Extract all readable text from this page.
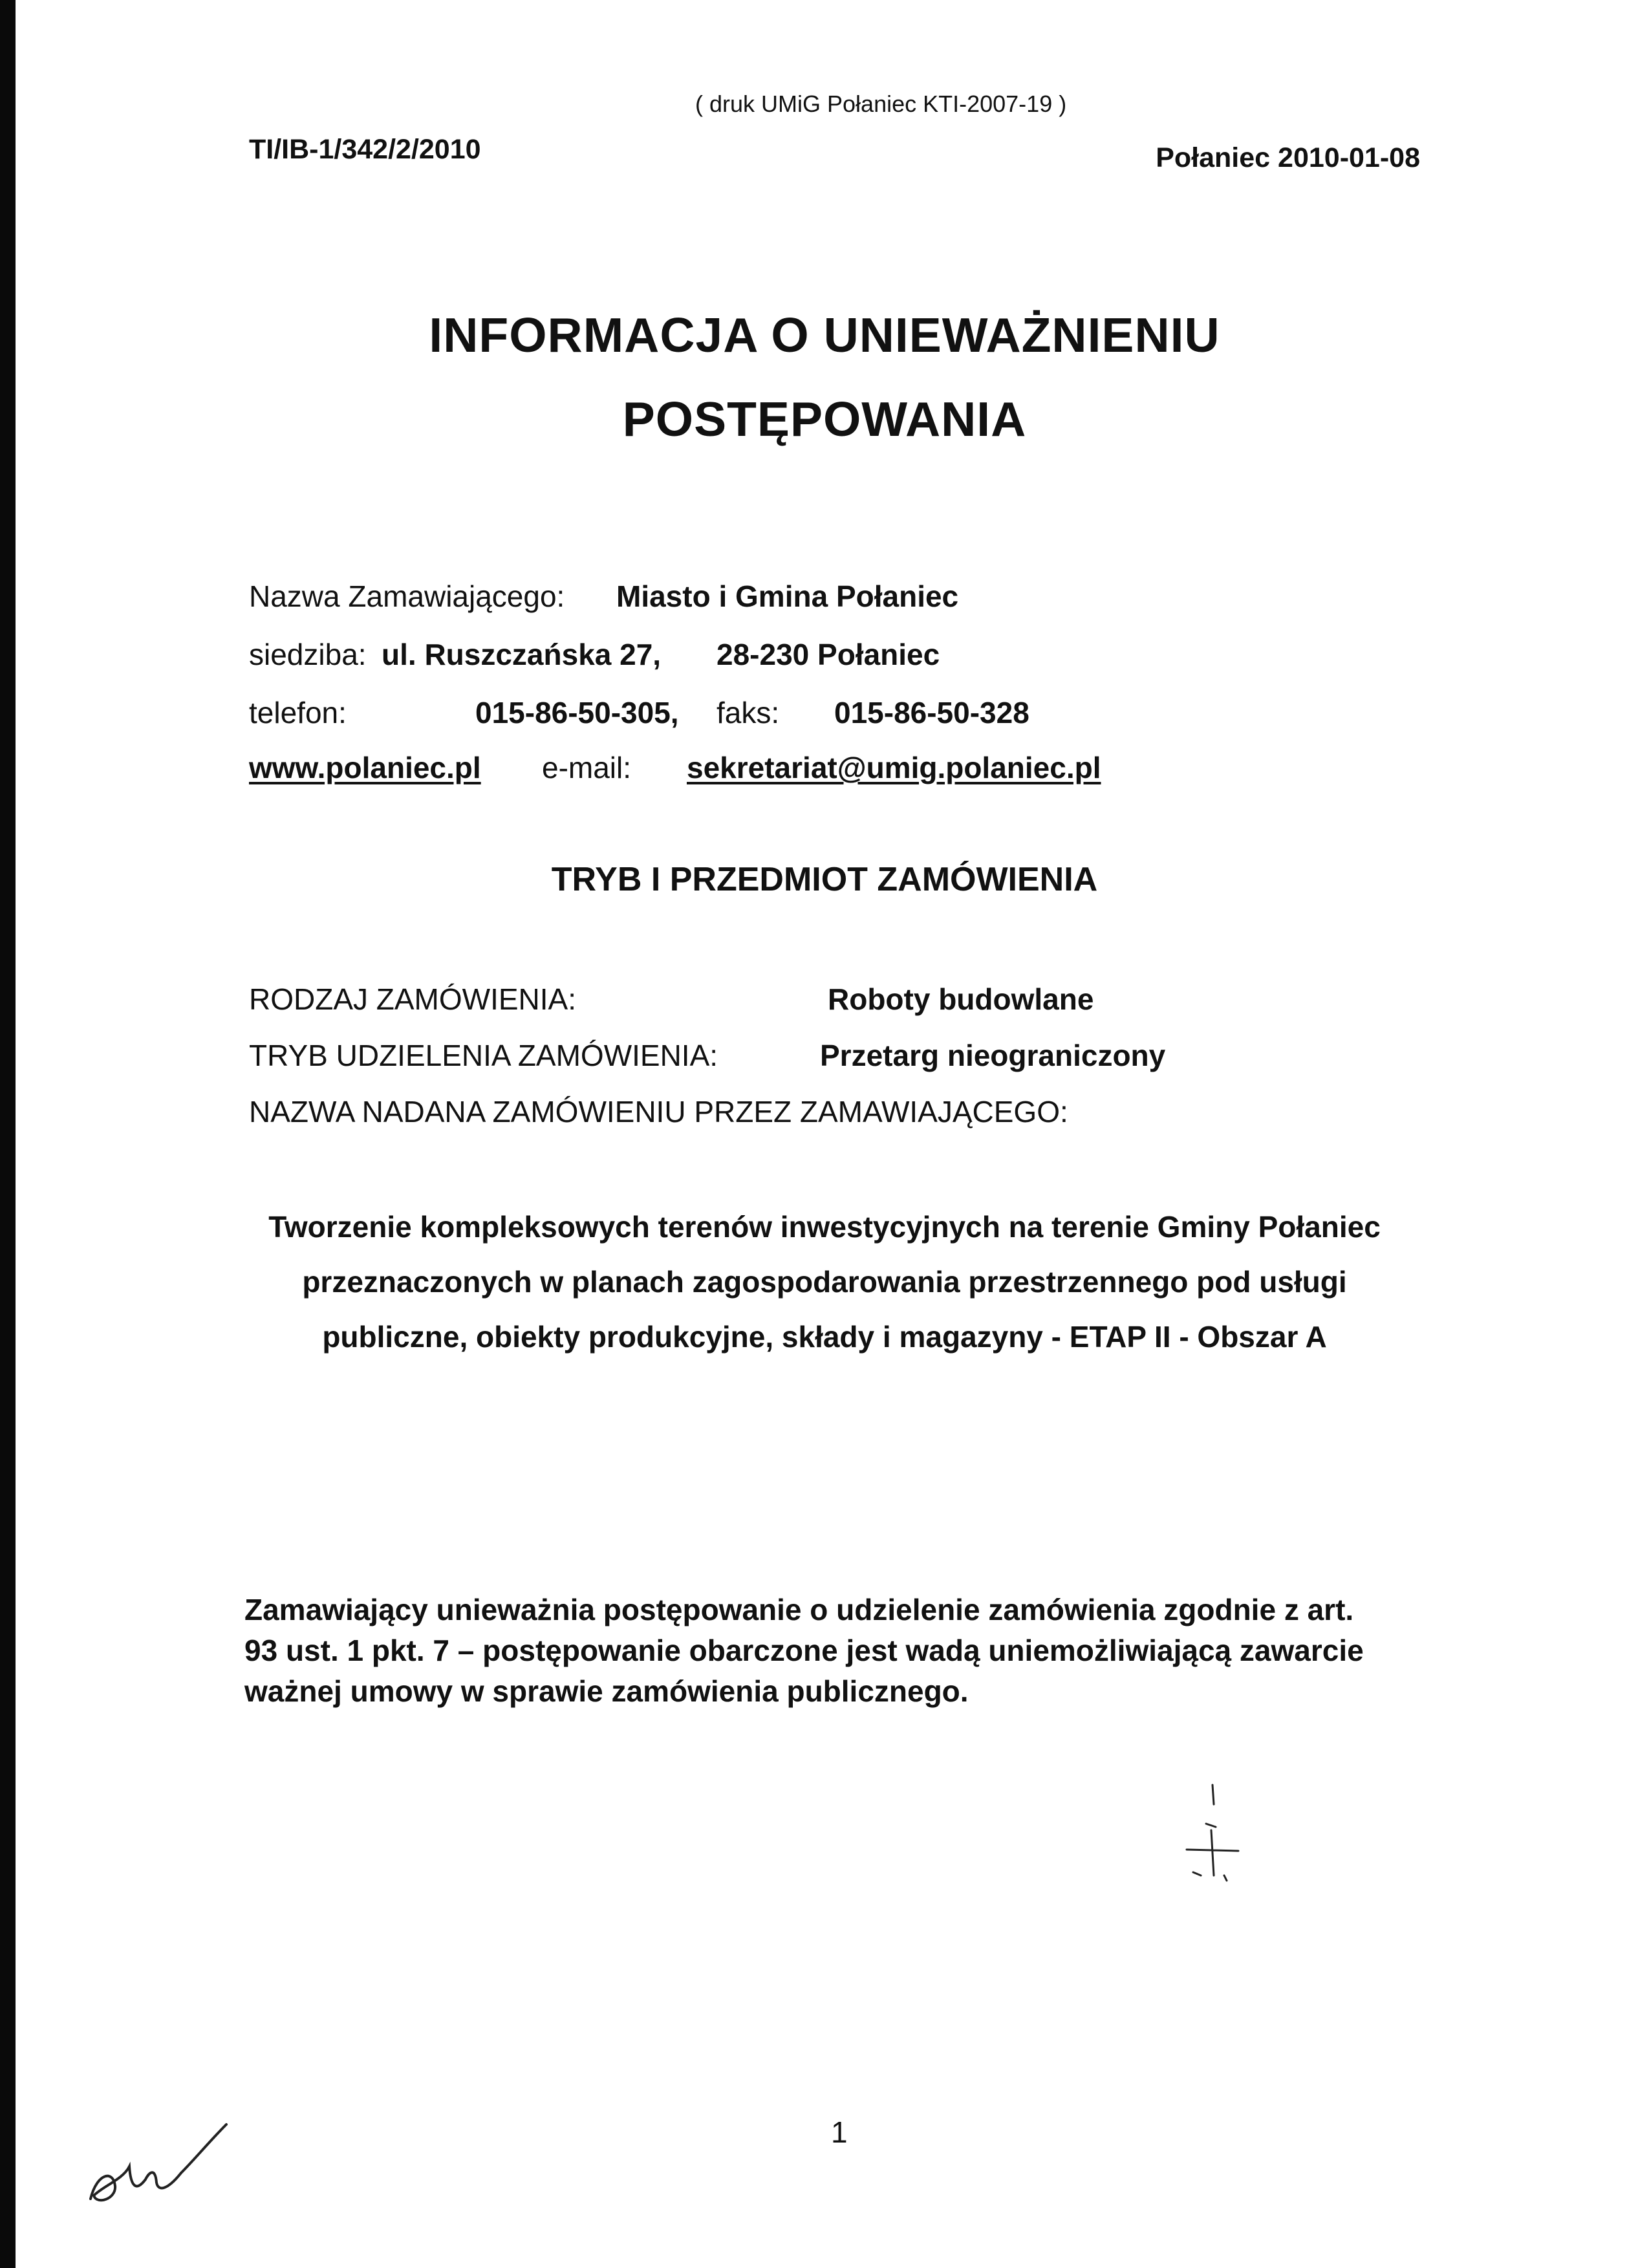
( druk UMiG Połaniec KTI-2007-19 )
TI/IB-1/342/2/2010	Połaniec 2010-01-08
INFORMACJA O UNIEWAŻNIENIU
POSTĘPOWANIA
Nazwa Zamawiającego: Miasto i Gmina Połaniec
siedziba: ul. Ruszczańska 27, 28-230 Połaniec
telefon:	015-86-50-305, faks: 015-86-50-328
www.polaniec.pl e-mail: sekretariat@umig.polaniec.pl
TRYB I PRZEDMIOT ZAMÓWIENIA
RODZAJ ZAMÓWIENIA:	Roboty budowlane
TRYB UDZIELENIA ZAMÓWIENIA:	Przetarg nieograniczony
NAZWA NADANA ZAMÓWIENIU PRZEZ ZAMAWIAJĄCEGO:
Tworzenie kompleksowych terenów inwestycyjnych na terenie Gminy Połaniec
przeznaczonych w planach zagospodarowania przestrzennego pod usługi
publiczne, obiekty produkcyjne, składy i magazyny - ETAP II - Obszar A
Zamawiający unieważnia postępowanie o udzielenie zamówienia zgodnie z art.
93 ust. 1 pkt. 7 – postępowanie obarczone jest wadą uniemożliwiającą zawarcie
ważnej umowy w sprawie zamówienia publicznego.
1
